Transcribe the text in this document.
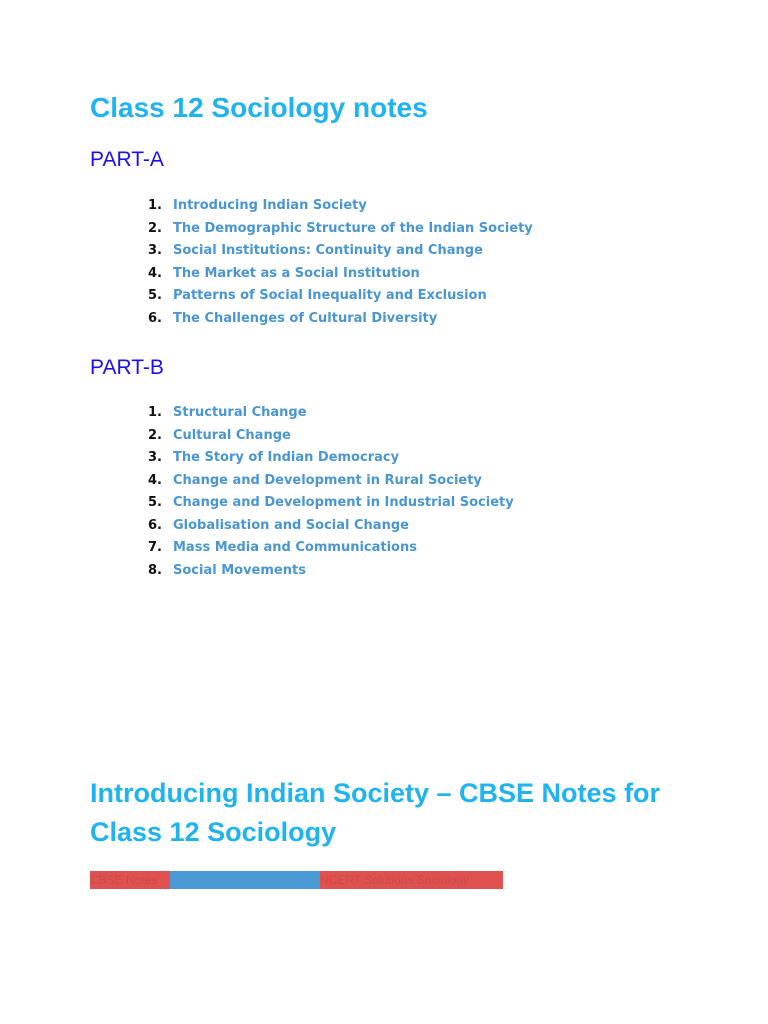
Class 12 Sociology notes
PART-A
1. Introducing Indian Society
2. The Demographic Structure of the Indian Society
3. Social Institutions: Continuity and Change
4. The Market as a Social Institution
5. Patterns of Social Inequality and Exclusion
6. The Challenges of Cultural Diversity
PART-B
1. Structural Change
2. Cultural Change
3. The Story of Indian Democracy
4. Change and Development in Rural Society
5. Change and Development in Industrial Society
6. Globalisation and Social Change
7. Mass Media and Communications
8. Social Movements
Introducing Indian Society – CBSE Notes for Class 12 Sociology
CBSE Notes	NCERT Solutions Sociology
